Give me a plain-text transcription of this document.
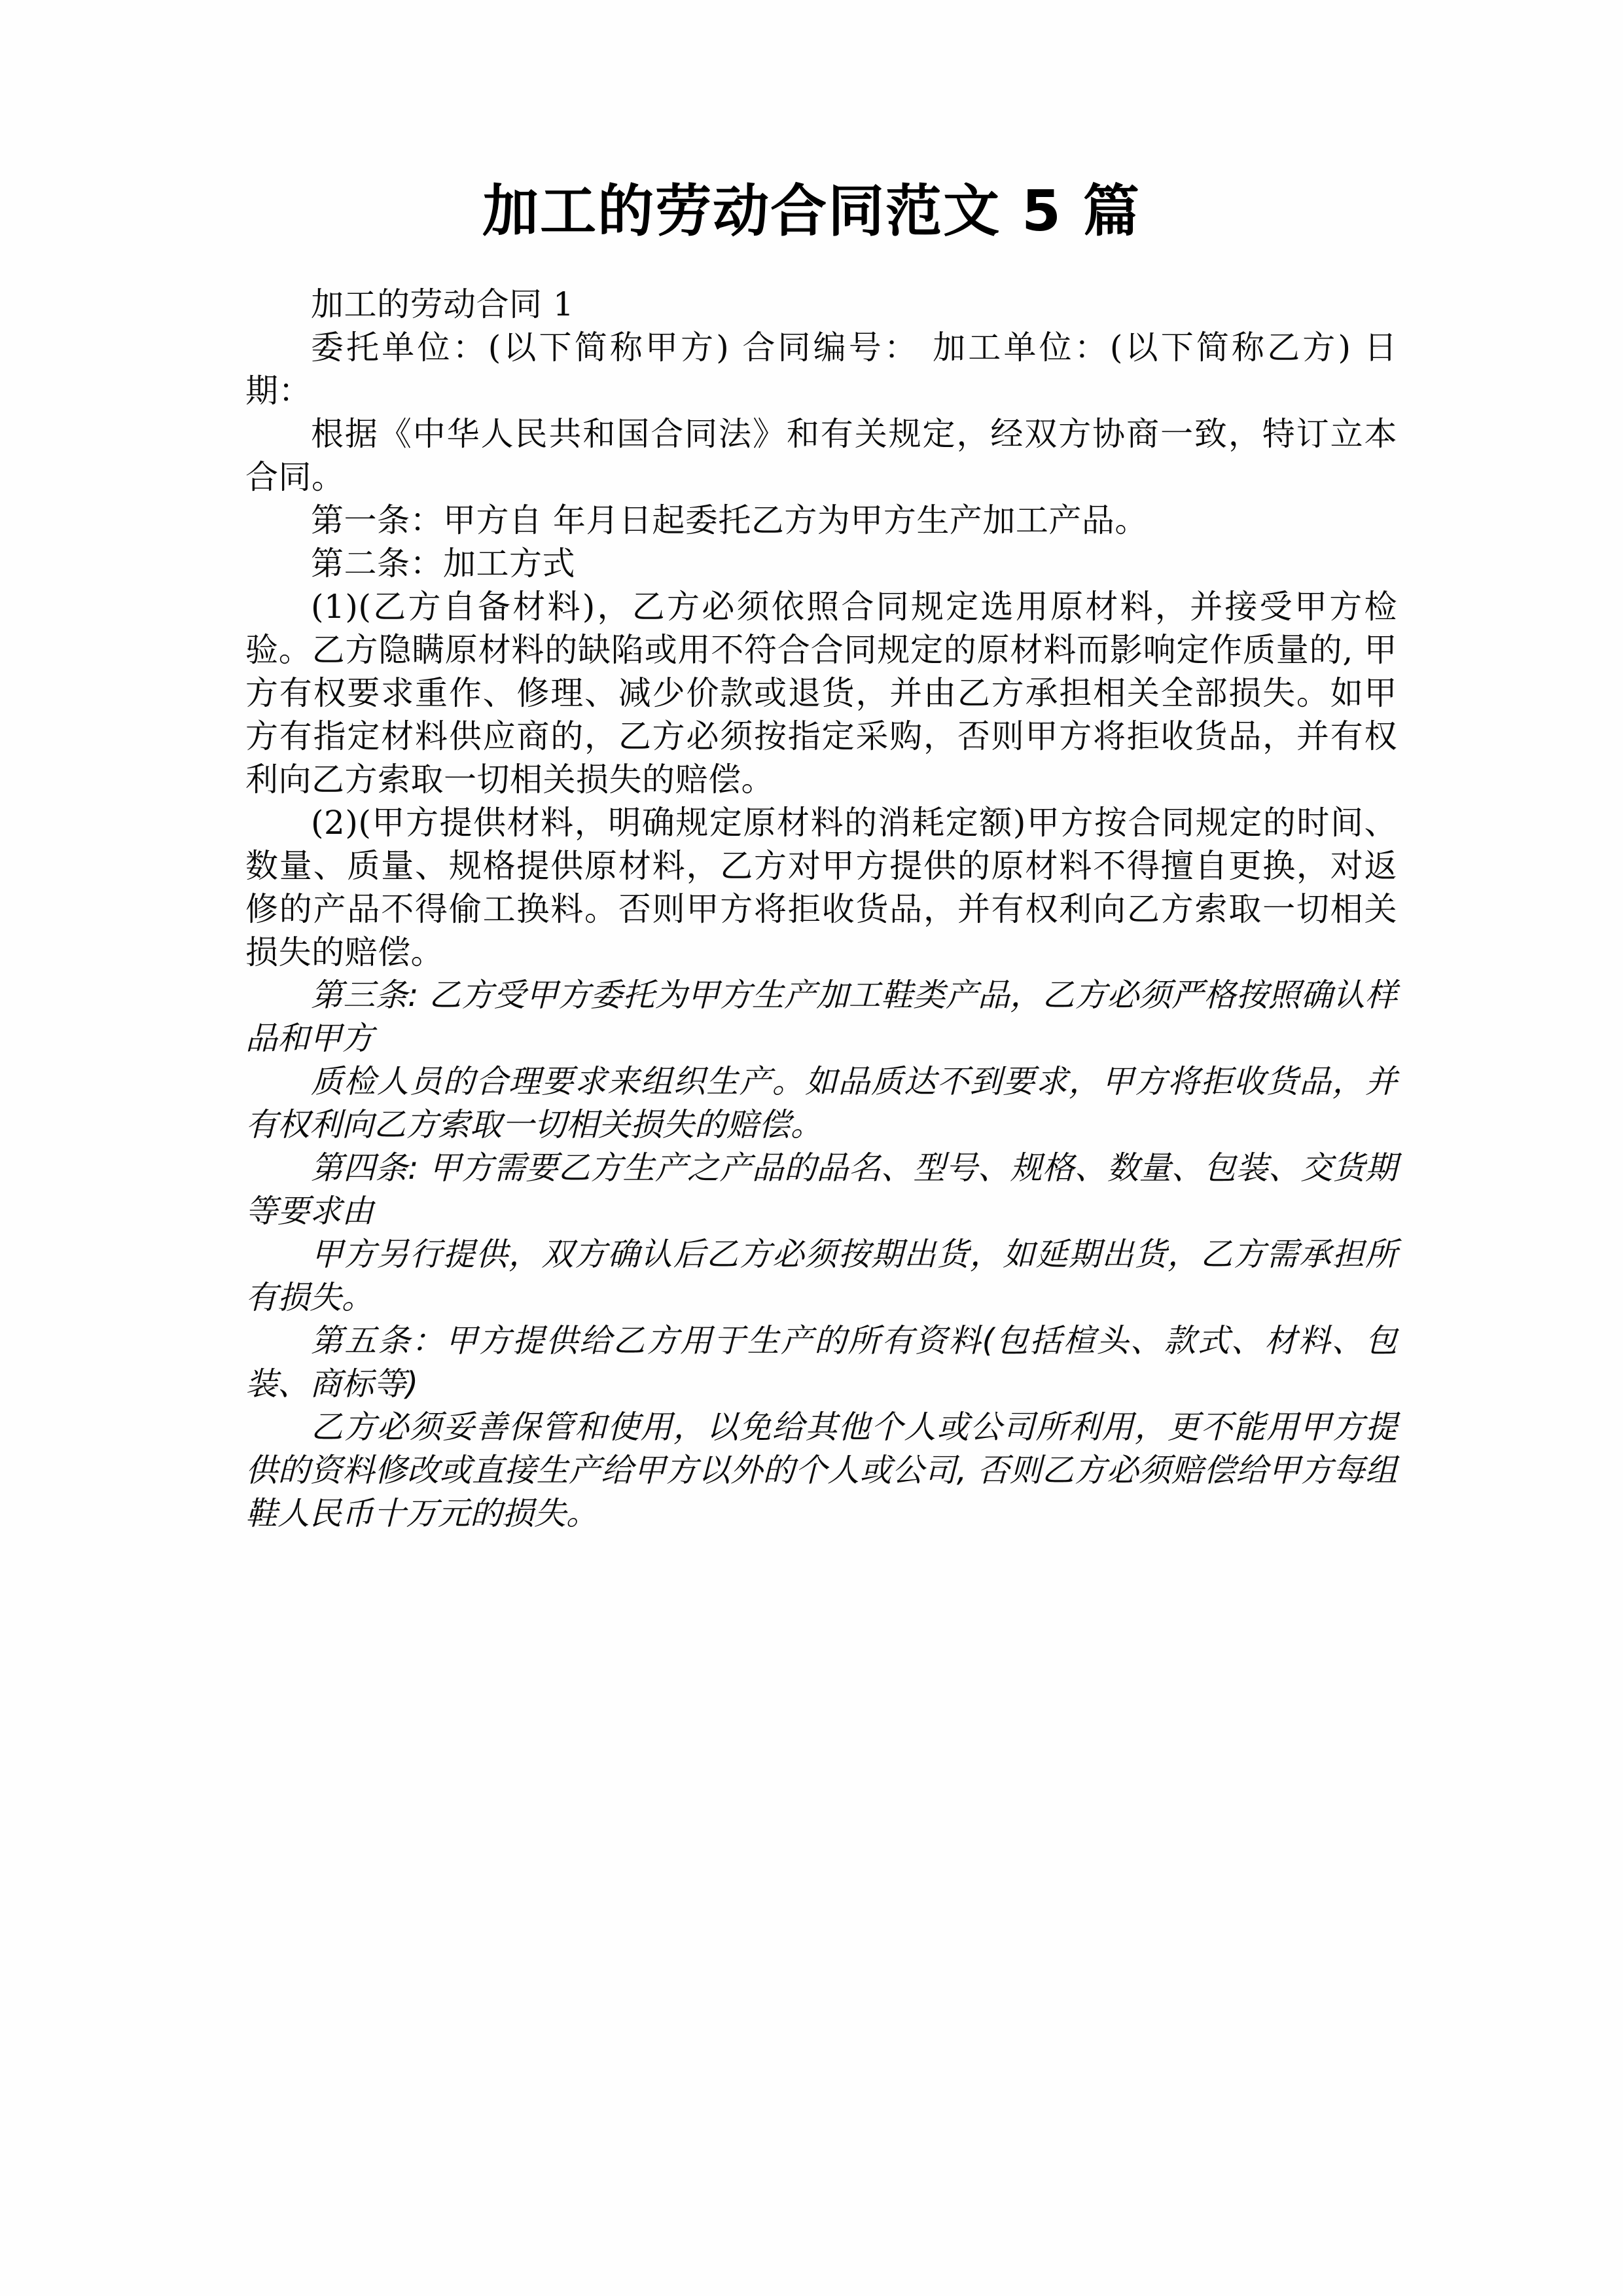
加工的劳动合同范文 5 篇

加工的劳动合同 1

委托单位：(以下简称甲方) 合同编号： 加工单位：(以下简称乙方) 日 期：

根据《中华人民共和国合同法》和有关规定，经双方协商一致，特订立本合同。

第一条：甲方自 年月日起委托乙方为甲方生产加工产品。

第二条：加工方式

(1)(乙方自备材料)，乙方必须依照合同规定选用原材料，并接受甲方检验。乙方隐瞒原材料的缺陷或用不符合合同规定的原材料而影响定作质量的, 甲方有权要求重作、修理、减少价款或退货，并由乙方承担相关全部损失。如甲方有指定材料供应商的，乙方必须按指定采购，否则甲方将拒收货品，并有权利向乙方索取一切相关损失的赔偿。

(2)(甲方提供材料，明确规定原材料的消耗定额)甲方按合同规定的时间、数量、质量、规格提供原材料，乙方对甲方提供的原材料不得擅自更换，对返修的产品不得偷工换料。否则甲方将拒收货品，并有权利向乙方索取一切相关损失的赔偿。

第三条: 乙方受甲方委托为甲方生产加工鞋类产品，乙方必须严格按照确认样品和甲方

质检人员的合理要求来组织生产。如品质达不到要求，甲方将拒收货品，并有权利向乙方索取一切相关损失的赔偿。

第四条: 甲方需要乙方生产之产品的品名、型号、规格、数量、包装、交货期等要求由

甲方另行提供，双方确认后乙方必须按期出货，如延期出货，乙方需承担所有损失。

第五条：甲方提供给乙方用于生产的所有资料(包括楦头、款式、材料、包装、商标等)

乙方必须妥善保管和使用，以免给其他个人或公司所利用，更不能用甲方提供的资料修改或直接生产给甲方以外的个人或公司, 否则乙方必须赔偿给甲方每组鞋人民币十万元的损失。
